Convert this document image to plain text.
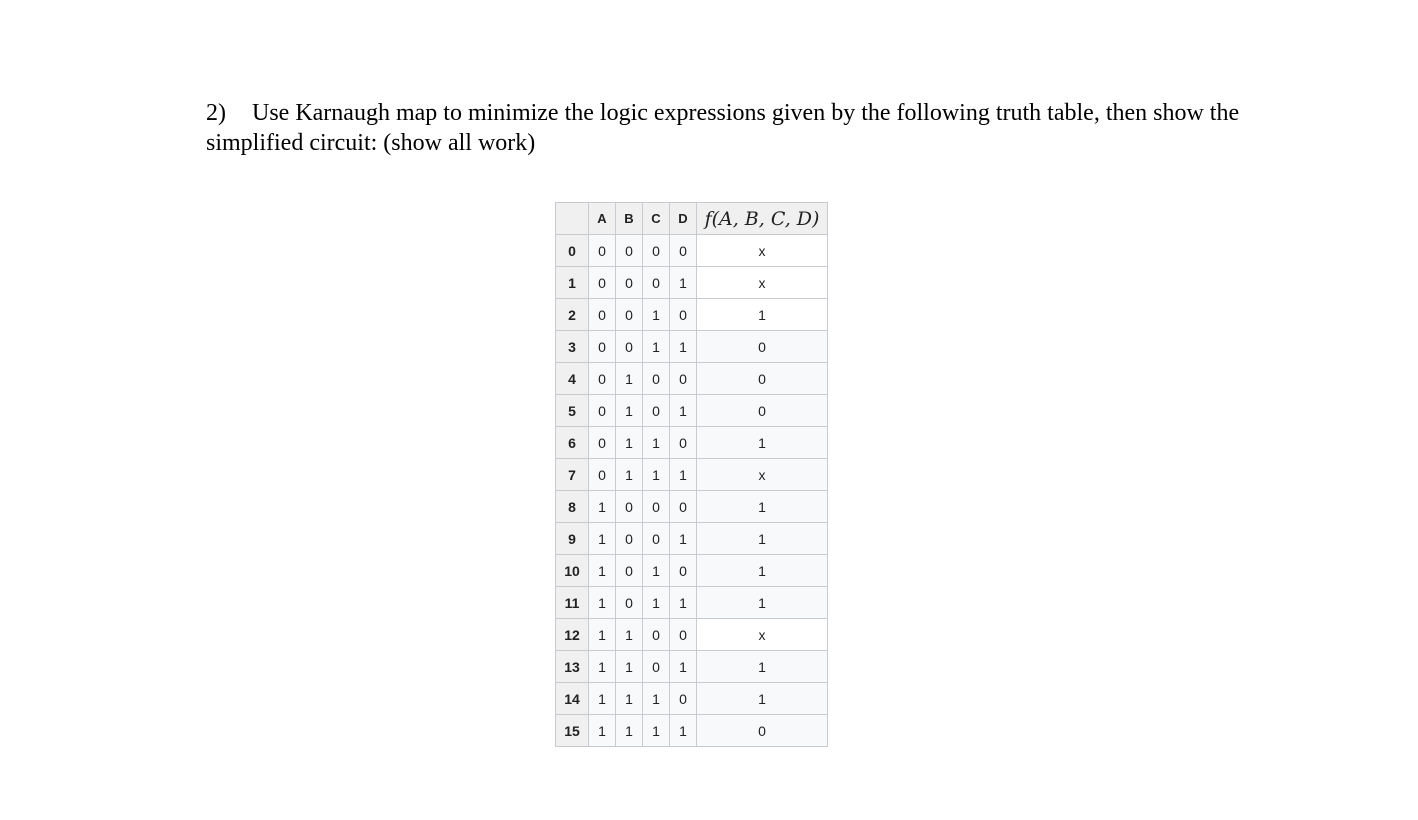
2) Use Karnaugh map to minimize the logic expressions given by the following truth table, then show the simplified circuit: (show all work)
	A	B	C	D	f(A, B, C, D)
0	0	0	0	0	x
1	0	0	0	1	x
2	0	0	1	0	1
3	0	0	1	1	0
4	0	1	0	0	0
5	0	1	0	1	0
6	0	1	1	0	1
7	0	1	1	1	x
8	1	0	0	0	1
9	1	0	0	1	1
10	1	0	1	0	1
11	1	0	1	1	1
12	1	1	0	0	x
13	1	1	0	1	1
14	1	1	1	0	1
15	1	1	1	1	0
